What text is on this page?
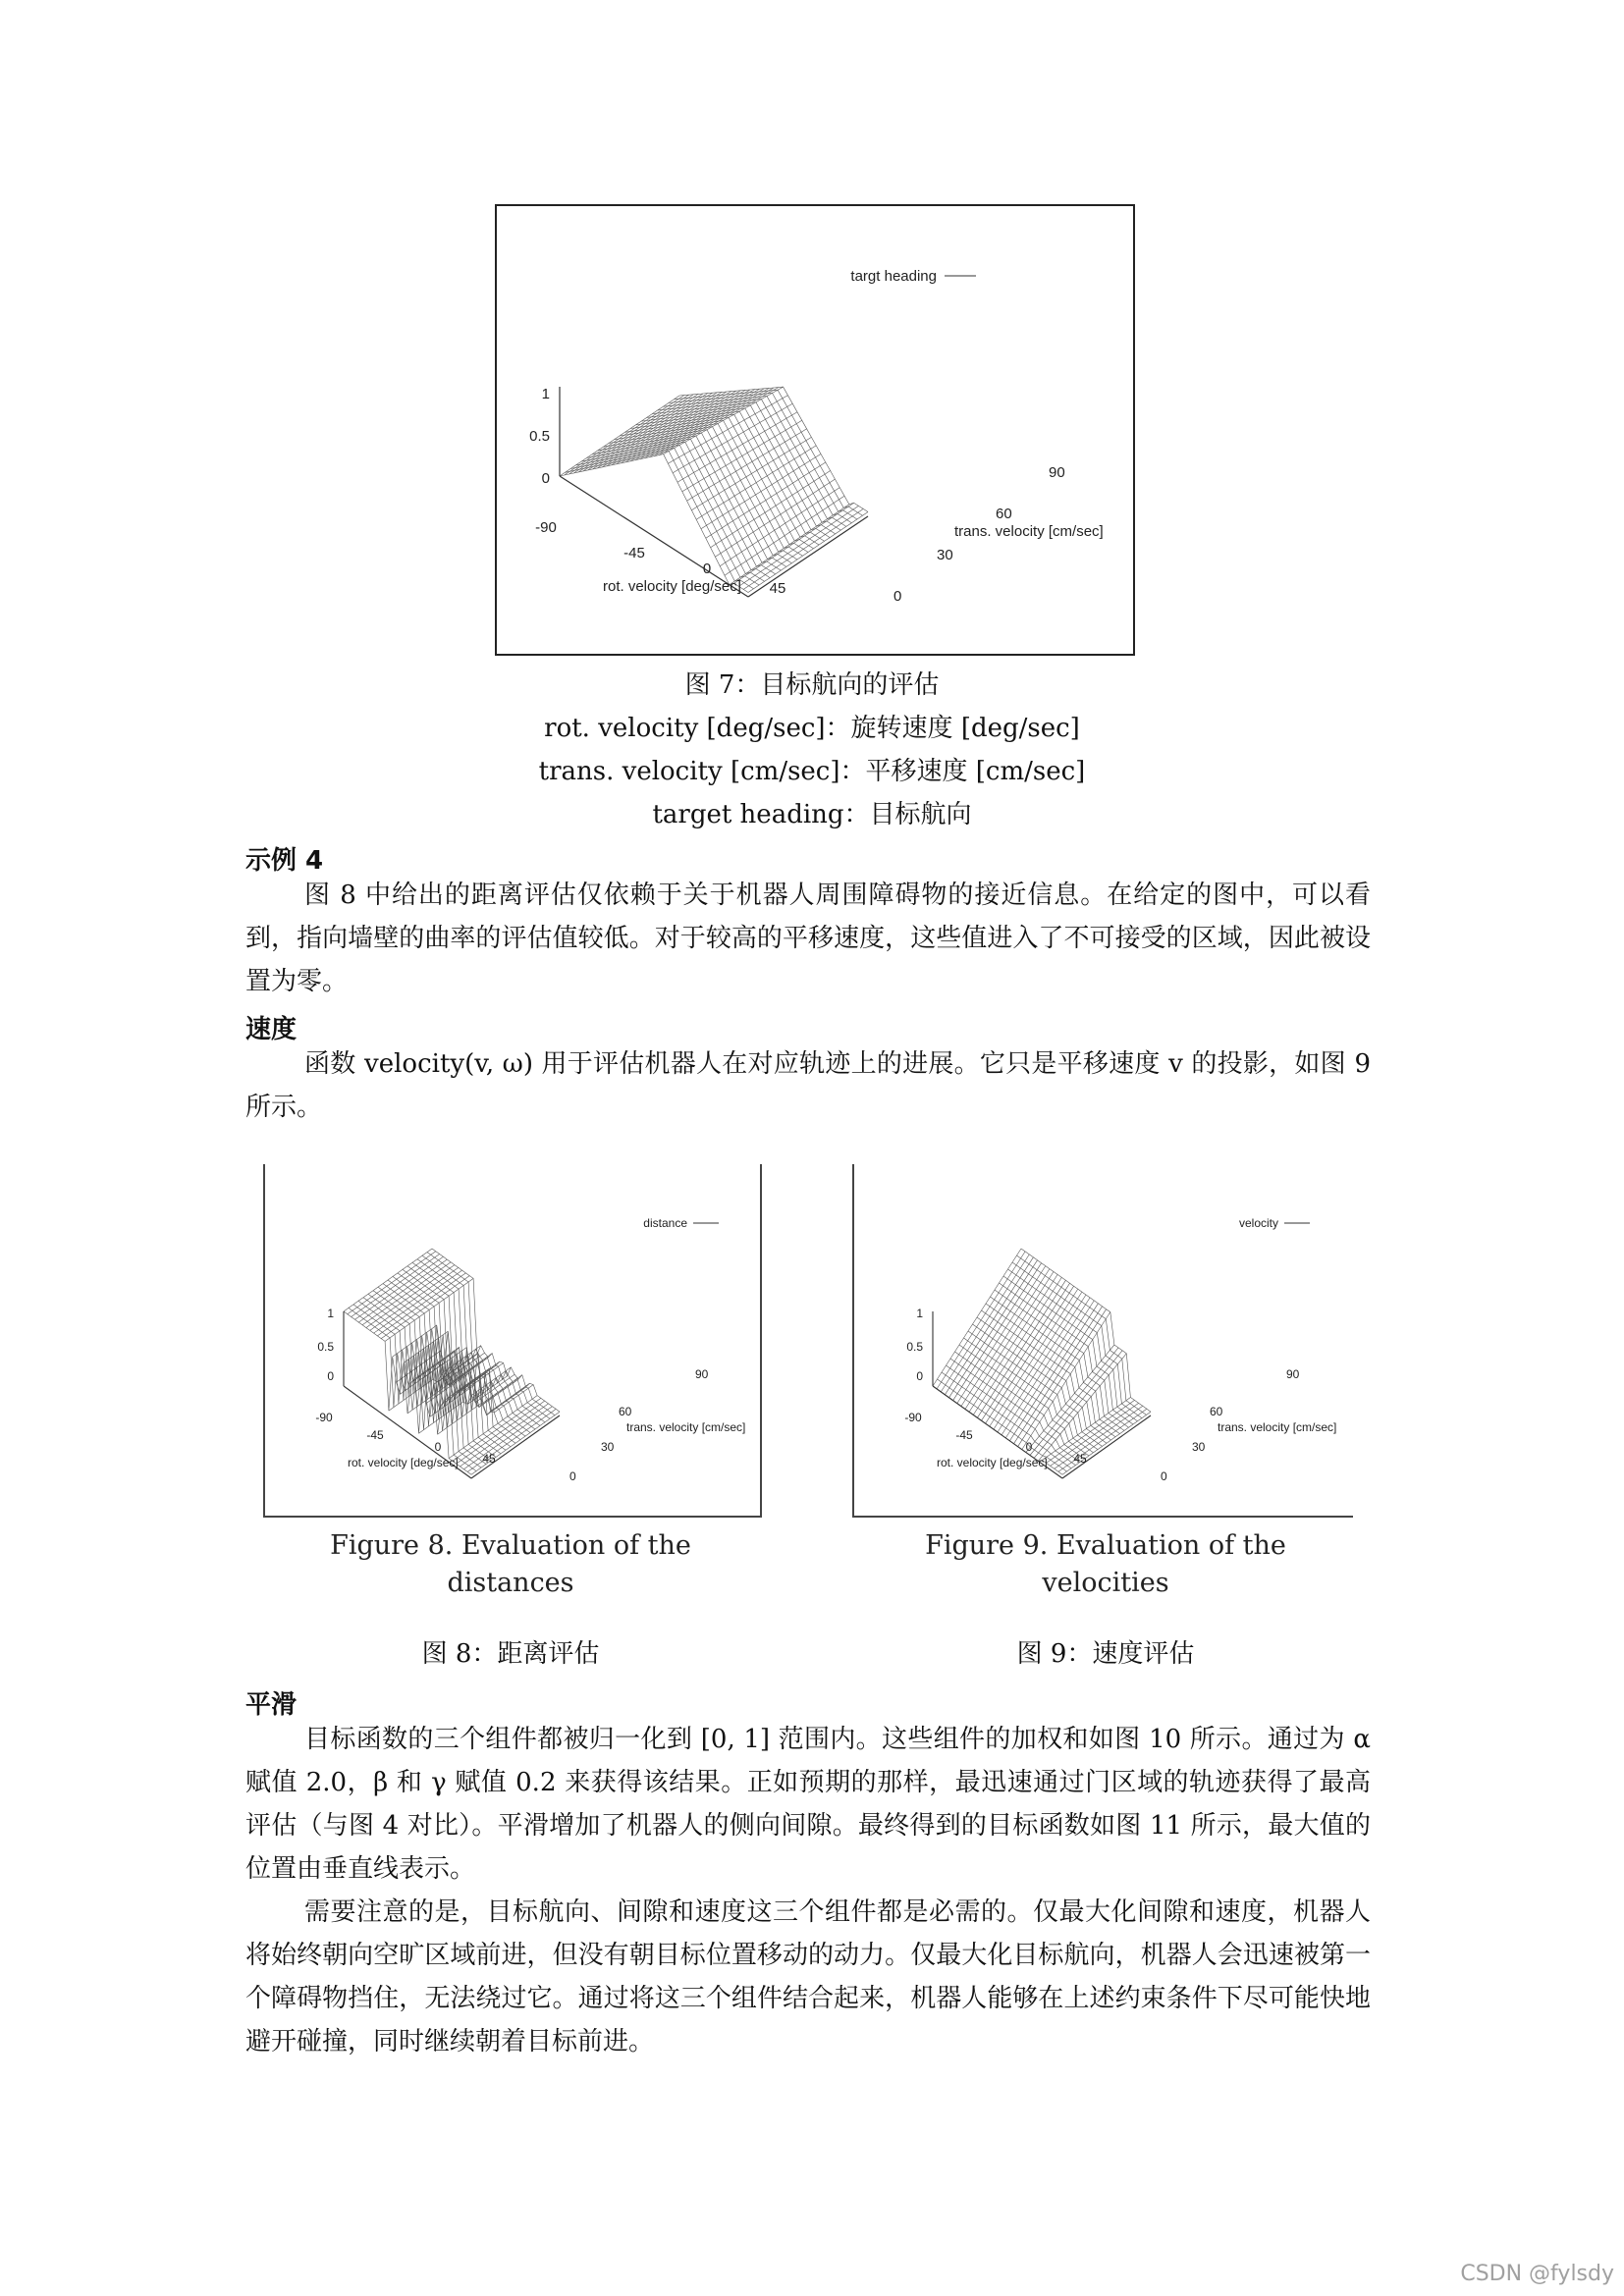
targt heading
1
0.5
0
-90
-45
0
45
rot. velocity [deg/sec]
0
30
60
90
trans. velocity [cm/sec]
图 7：目标航向的评估
rot. velocity [deg/sec]：旋转速度 [deg/sec]
trans. velocity [cm/sec]：平移速度 [cm/sec]
target heading：目标航向
示例 4

图 8 中给出的距离评估仅依赖于关于机器人周围障碍物的接近信息。在给定的图中，可以看到，指向墙壁的曲率的评估值较低。对于较高的平移速度，这些值进入了不可接受的区域，因此被设置为零。

速度

函数 velocity(v, ω) 用于评估机器人在对应轨迹上的进展。它只是平移速度 v 的投影，如图 9 所示。

distance
1
0.5
0
-90
-45
0
45
rot. velocity [deg/sec]
0
30
60
90
trans. velocity [cm/sec]
velocity
1
0.5
0
-90
-45
0
45
rot. velocity [deg/sec]
0
30
60
90
trans. velocity [cm/sec]
Figure 8. Evaluation of the distances
Figure 9. Evaluation of the velocities
图 8：距离评估	图 9：速度评估
平滑

目标函数的三个组件都被归一化到 [0, 1] 范围内。这些组件的加权和如图 10 所示。通过为 α 赋值 2.0，β 和 γ 赋值 0.2 来获得该结果。正如预期的那样，最迅速通过门区域的轨迹获得了最高评估（与图 4 对比）。平滑增加了机器人的侧向间隙。最终得到的目标函数如图 11 所示，最大值的位置由垂直线表示。

需要注意的是，目标航向、间隙和速度这三个组件都是必需的。仅最大化间隙和速度，机器人将始终朝向空旷区域前进，但没有朝目标位置移动的动力。仅最大化目标航向，机器人会迅速被第一个障碍物挡住，无法绕过它。通过将这三个组件结合起来，机器人能够在上述约束条件下尽可能快地避开碰撞，同时继续朝着目标前进。

CSDN @fylsdy
